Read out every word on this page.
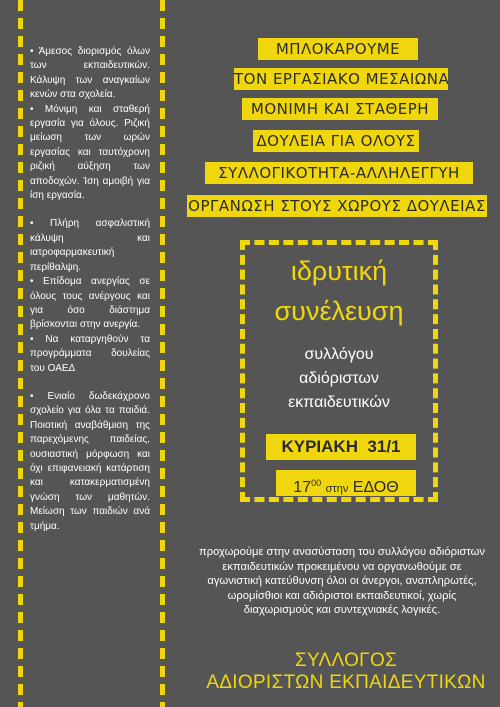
• Άμεσος διορισμός όλων των εκπαιδευτικών. Κάλυψη των αναγκαίων κενών στα σχολεία.

• Μόνιμη και σταθερή εργασία για όλους. Ριζική μείωση των ωρών εργασίας και ταυτόχρονη ριζική αύξηση των αποδοχών. Ίση αμοιβή για ίση εργασία.

• Πλήρη ασφαλιστική κάλυψη και ιατροφαρμακευτική περίθαλψη.

• Επίδομα ανεργίας σε όλους τους ανέργους και για όσο διάστημα βρίσκονται στην ανεργία.

• Να καταργηθούν τα προγράμματα δουλείας του ΟΑΕΔ

• Ενιαίο δωδεκάχρονο σχολείο για όλα τα παιδιά. Ποιοτική αναβάθμιση της παρεχόμενης παιδείας, ουσιαστική μόρφωση και όχι επιφανειακή κατάρτιση και κατακερματισμένη γνώση των μαθητών. Μείωση των παιδιών ανά τμήμα.

ΜΠΛΟΚΑΡΟΥΜΕ
ΤΟΝ ΕΡΓΑΣΙΑΚΟ ΜΕΣΑΙΩΝΑ
ΜΟΝΙΜΗ ΚΑΙ ΣΤΑΘΕΡΗ
ΔΟΥΛΕΙΑ ΓΙΑ ΟΛΟΥΣ
ΣΥΛΛΟΓΙΚΟΤΗΤΑ-ΑΛΛΗΛΕΓΓΥΗ
ΟΡΓΑΝΩΣΗ ΣΤΟΥΣ ΧΩΡΟΥΣ ΔΟΥΛΕΙΑΣ
ιδρυτική
συνέλευση
συλλόγου
αδιόριστων
εκπαιδευτικών
ΚΥΡΙΑΚΗ  31/1
$17^{00}$ στην ΕΔΟΘ
προχωρούμε στην ανασύσταση του συλλόγου αδιόριστων εκπαιδευτικών προκειμένου να οργανωθούμε σε αγωνιστική κατεύθυνση όλοι οι άνεργοι, αναπληρωτές, ωρομίσθιοι και αδιόριστοι εκπαιδευτικοί, χωρίς διαχωρισμούς και συντεχνιακές λογικές.
ΣΥΛΛΟΓΟΣ
ΑΔΙΟΡΙΣΤΩΝ ΕΚΠΑΙΔΕΥΤΙΚΩΝ
